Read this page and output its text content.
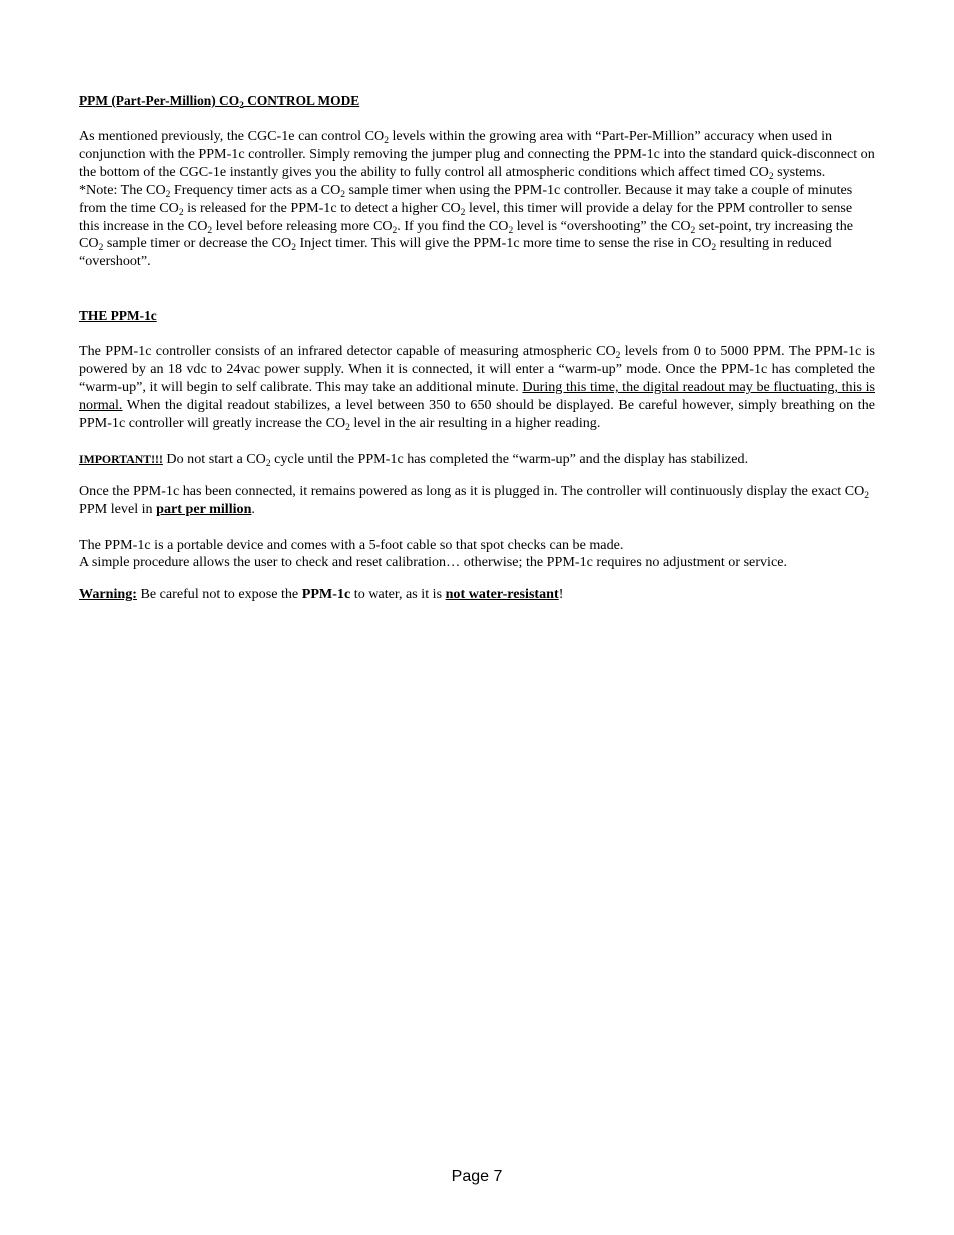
PPM (Part-Per-Million) $CO_2$ CONTROL MODE

As mentioned previously, the CGC-1e can control $CO_2$ levels within the growing area with “Part-Per-Million” accuracy when used in conjunction with the PPM-1c controller. Simply removing the jumper plug and connecting the PPM-1c into the standard quick-disconnect on the bottom of the CGC-1e instantly gives you the ability to fully control all atmospheric conditions which affect timed $CO_2$ systems.

*Note: The $CO_2$ Frequency timer acts as a $CO_2$ sample timer when using the PPM-1c controller. Because it may take a couple of minutes from the time $CO_2$ is released for the PPM-1c to detect a higher $CO_2$ level, this timer will provide a delay for the PPM controller to sense this increase in the $CO_2$ level before releasing more $CO_2$. If you find the $CO_2$ level is “overshooting” the $CO_2$ set-point, try increasing the $CO_2$ sample timer or decrease the $CO_2$ Inject timer. This will give the PPM-1c more time to sense the rise in $CO_2$ resulting in reduced “overshoot”.

THE PPM-1c

The PPM-1c controller consists of an infrared detector capable of measuring atmospheric $CO_2$ levels from 0 to 5000 PPM. The PPM-1c is powered by an 18 vdc to 24vac power supply. When it is connected, it will enter a “warm-up” mode. Once the PPM-1c has completed the “warm-up”, it will begin to self calibrate. This may take an additional minute. During this time, the digital readout may be fluctuating, this is normal. When the digital readout stabilizes, a level between 350 to 650 should be displayed. Be careful however, simply breathing on the PPM-1c controller will greatly increase the $CO_2$ level in the air resulting in a higher reading.

IMPORTANT!!! Do not start a $CO_2$ cycle until the PPM-1c has completed the “warm-up” and the display has stabilized.

Once the PPM-1c has been connected, it remains powered as long as it is plugged in. The controller will continuously display the exact $CO_2$ PPM level in part per million.

The PPM-1c is a portable device and comes with a 5-foot cable so that spot checks can be made.

A simple procedure allows the user to check and reset calibration… otherwise; the PPM-1c requires no adjustment or service.

Warning: Be careful not to expose the PPM-1c to water, as it is not water-resistant!

Page 7
